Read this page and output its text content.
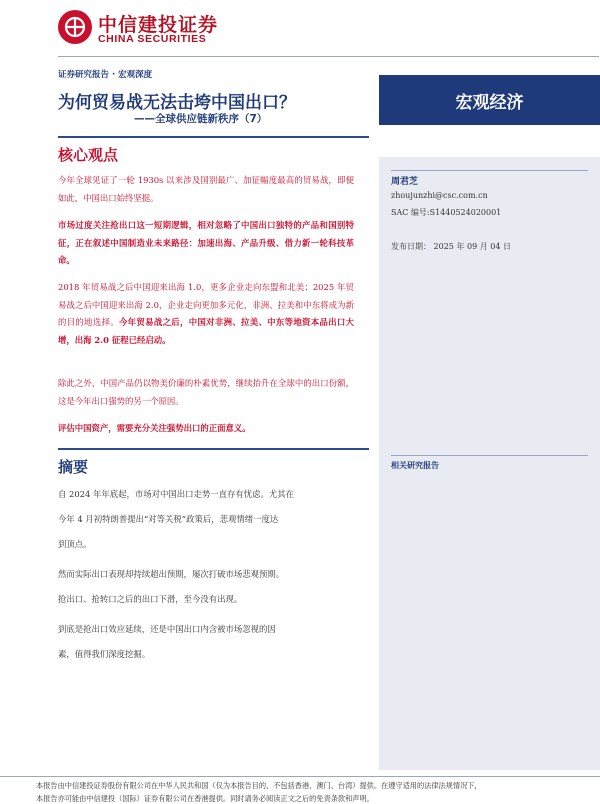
中信建投证券
CHINA SECURITIES
证券研究报告 · 宏观深度
为何贸易战无法击垮中国出口？
——全球供应链新秩序（7）
宏观经济
核心观点
今年全球见证了一轮 1930s 以来涉及国别最广、加征幅度最高的贸易战，即便如此，中国出口始终坚挺。
市场过度关注抢出口这一短期逻辑，相对忽略了中国出口独特的产品和国别特征，正在叙述中国制造业未来路径：加速出海、产品升级、借力新一轮科技革命。
2018 年贸易战之后中国迎来出海 1.0，更多企业走向东盟和北美；2025 年贸易战之后中国迎来出海 2.0，企业走向更加多元化，非洲、拉美和中东将成为新的目的地选择。今年贸易战之后，中国对非洲、拉美、中东等地资本品出口大增，出海 2.0 征程已经启动。
除此之外，中国产品仍以物美价廉的朴素优势，继续抬升在全球中的出口份额，这是今年出口强势的另一个原因。
评估中国资产，需要充分关注强势出口的正面意义。
摘要
自 2024 年年底起，市场对中国出口走势一直存有忧虑。尤其在
今年 4 月初特朗普提出“对等关税”政策后，悲观情绪一度达
到顶点。
然而实际出口表现却持续超出预期，屡次打破市场悲观预期。
抢出口、抢转口之后的出口下滑，至今没有出现。
到底是抢出口效应延续，还是中国出口内含被市场忽视的因
素，值得我们深度挖掘。
周君芝
zhoujunzhi@csc.com.cn
SAC 编号:S1440524020001
发布日期： 2025 年 09 月 04 日
相关研究报告
本报告由中信建投证券股份有限公司在中华人民共和国（仅为本报告目的，不包括香港、澳门、台湾）提供。在遵守适用的法律法规情况下，
本报告亦可能由中信建投（国际）证券有限公司在香港提供。同时请务必阅读正文之后的免责条款和声明。
